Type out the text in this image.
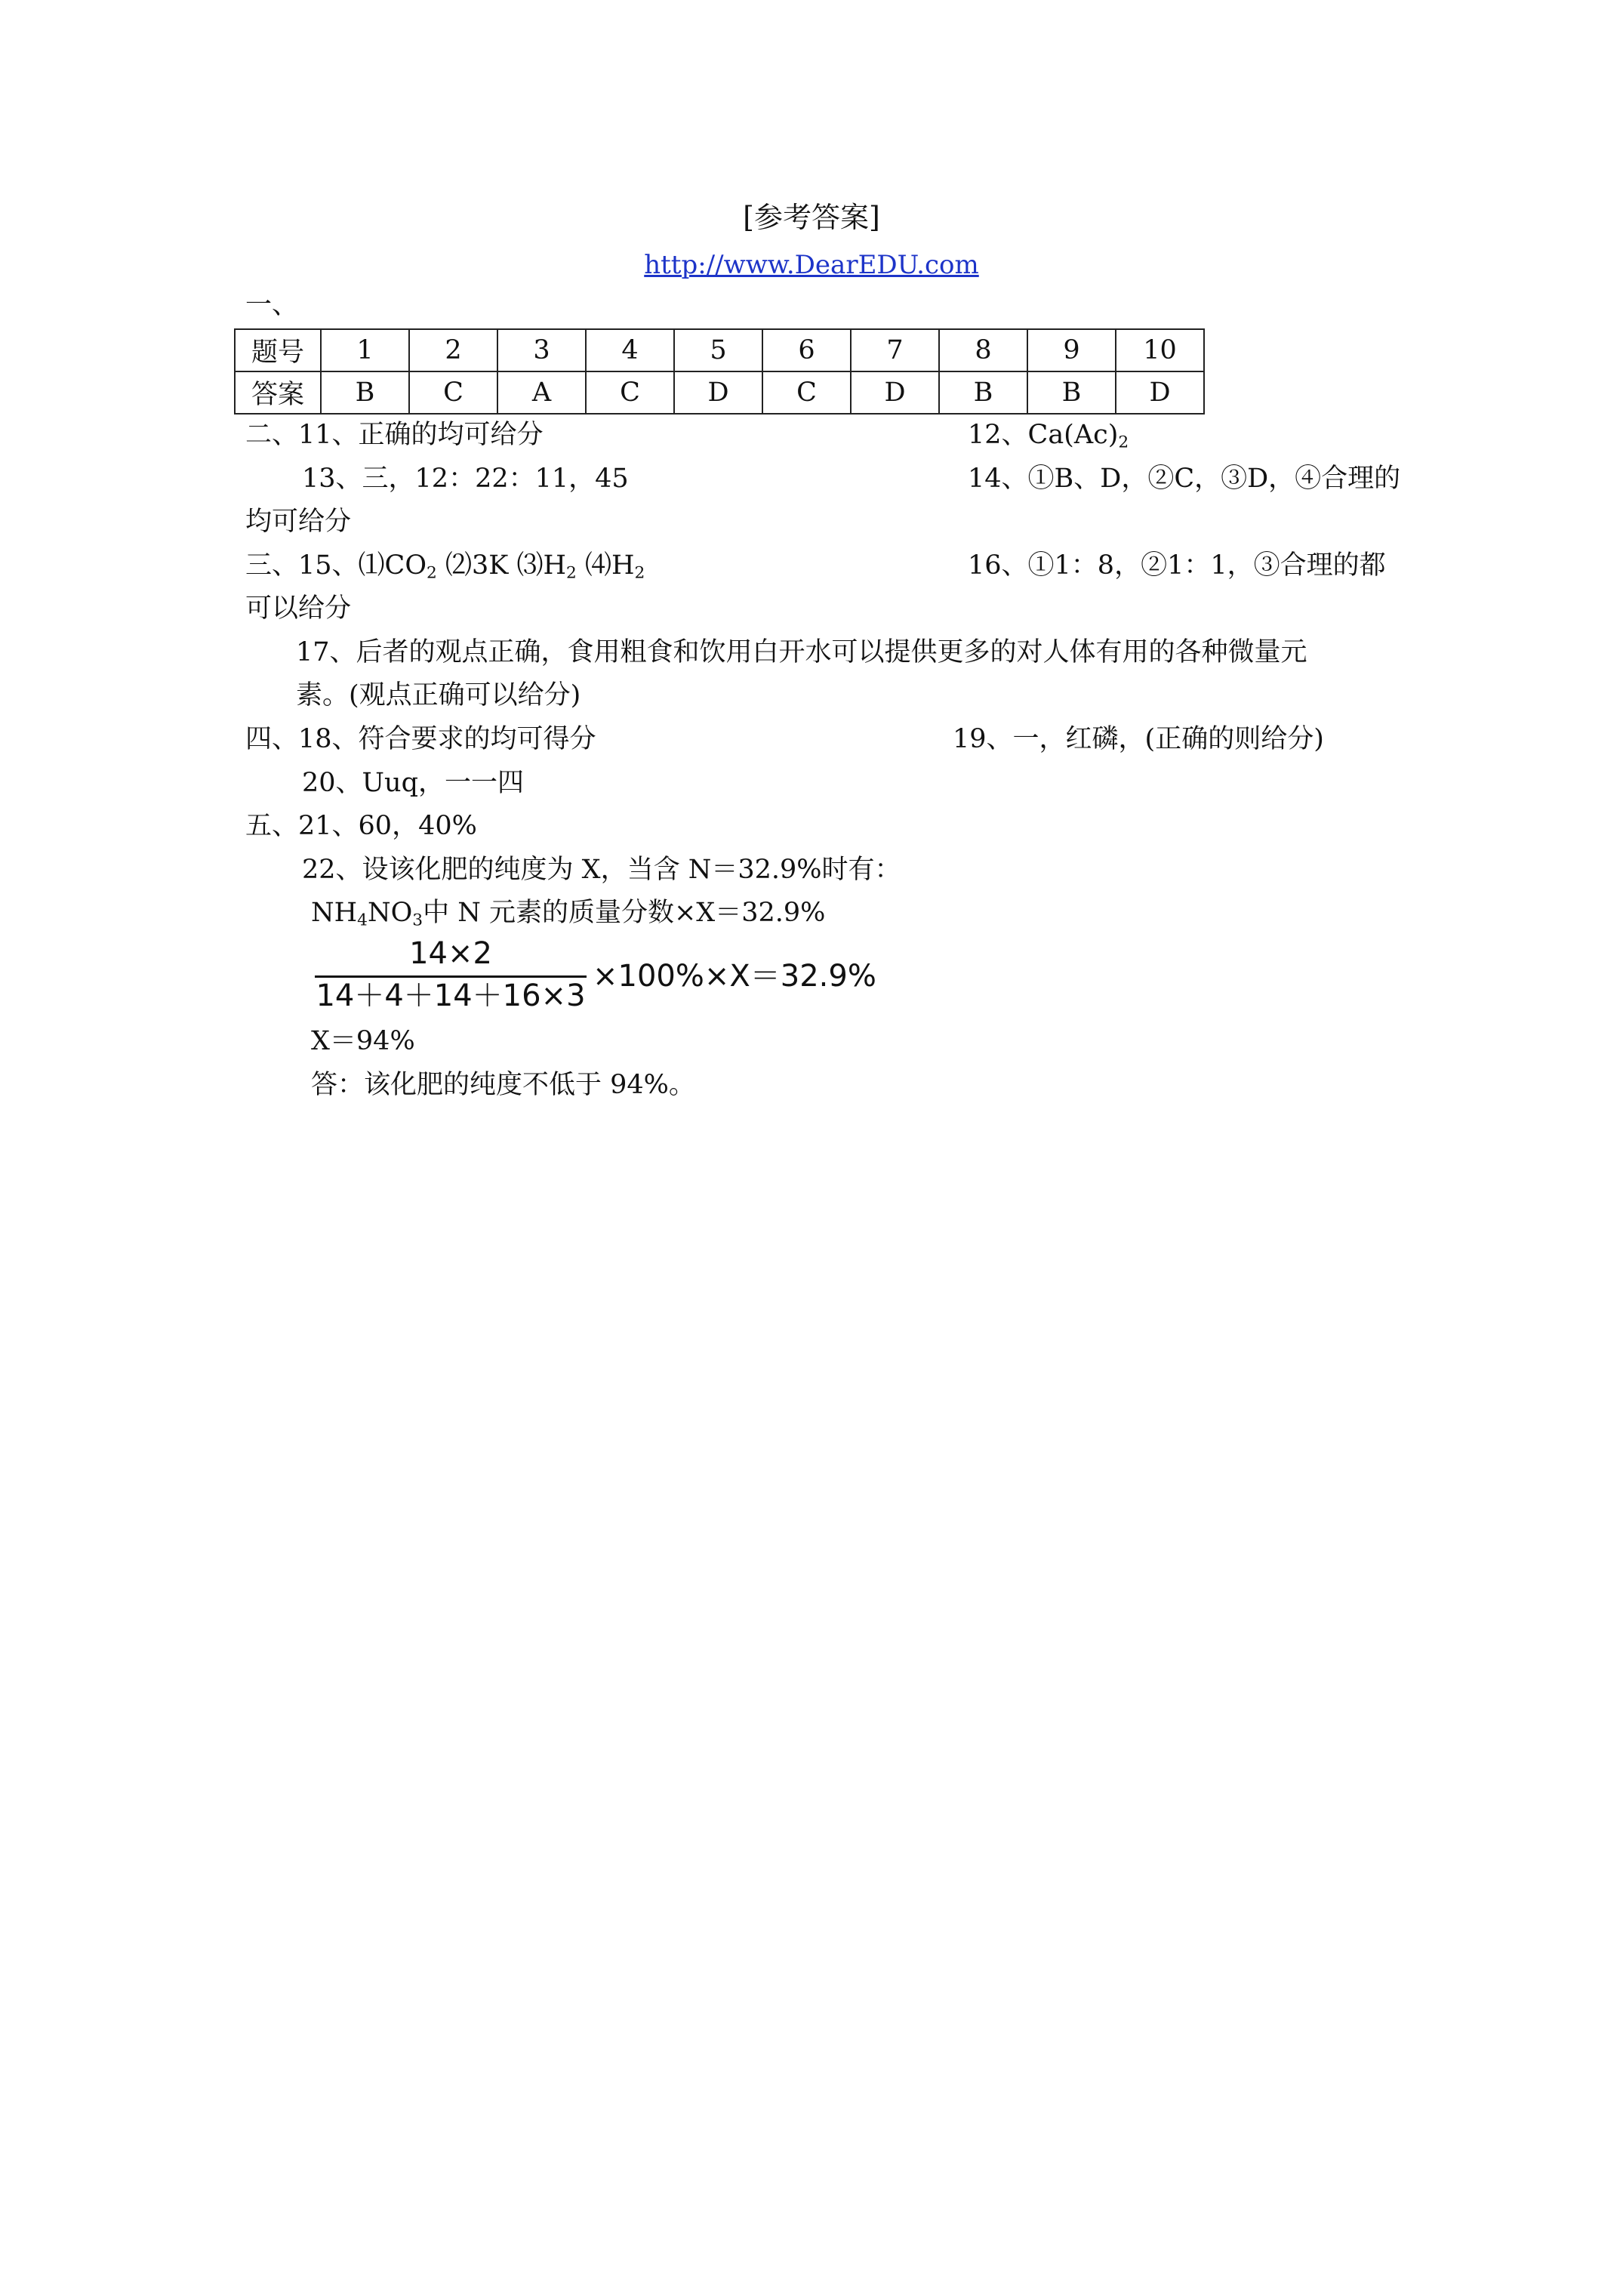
[参考答案]
http://www.DearEDU.com
一、
题号	1	2	3	4	5	6	7	8	9	10
答案	B	C	A	C	D	C	D	B	B	D
二、11、正确的均可给分	12、$Ca(Ac)_2$
13、三，12：22：11，45	14、①B、D，②C，③D，④合理的
均可给分
三、15、$⑴CO_2$ ⑵3K $⑶H_2$ $⑷H_2$	16、①1：8，②1：1，③合理的都
可以给分
17、后者的观点正确，食用粗食和饮用白开水可以提供更多的对人体有用的各种微量元
素。(观点正确可以给分)
四、18、符合要求的均可得分	19、一，红磷，(正确的则给分)
20、Uuq，一一四
五、21、60，40%
22、设该化肥的纯度为 X，当含 N＝32.9%时有：
$NH_4NO_3$中 N 元素的质量分数×X＝32.9%
14×2
14＋4＋14＋16×3
×100%×X＝32.9%
X＝94%
答：该化肥的纯度不低于 94%。
